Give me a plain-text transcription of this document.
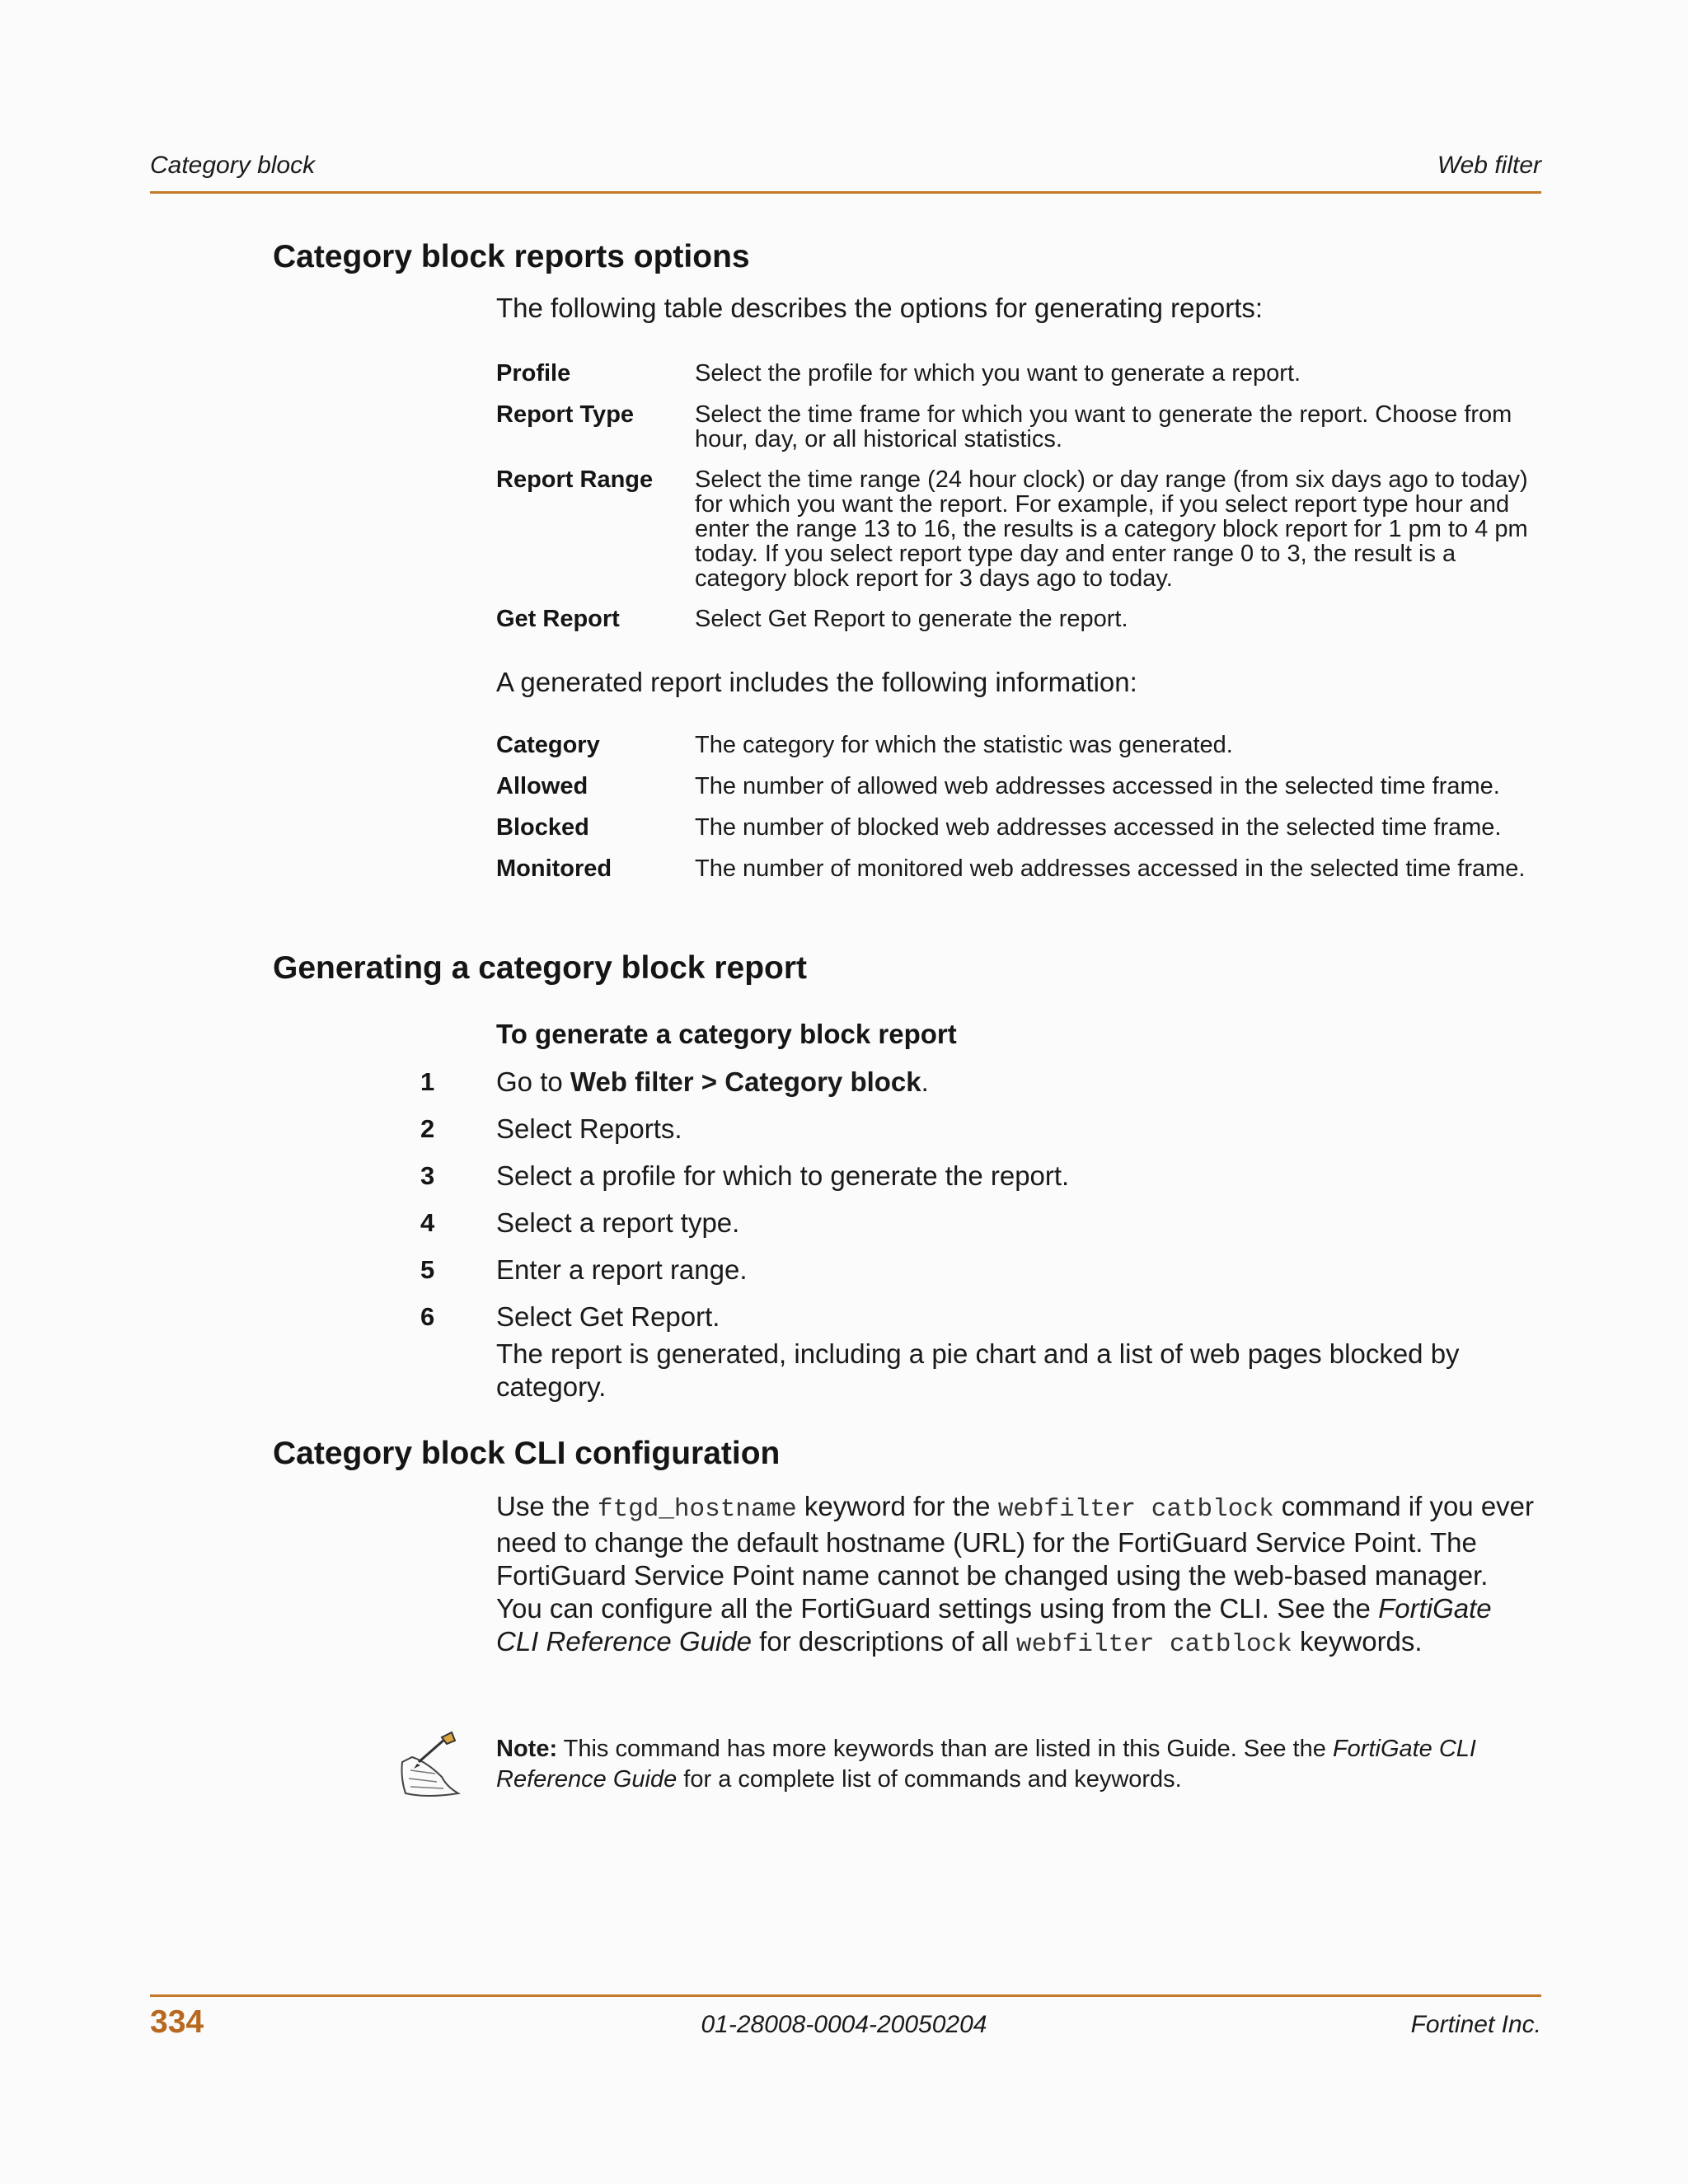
Category block	Web filter
Category block reports options

The following table describes the options for generating reports:

Profile	Select the profile for which you want to generate a report.
Report Type	Select the time frame for which you want to generate the report. Choose from hour, day, or all historical statistics.
Report Range	Select the time range (24 hour clock) or day range (from six days ago to today) for which you want the report. For example, if you select report type hour and enter the range 13 to 16, the results is a category block report for 1 pm to 4 pm today. If you select report type day and enter range 0 to 3, the result is a category block report for 3 days ago to today.
Get Report	Select Get Report to generate the report.

A generated report includes the following information:

Category	The category for which the statistic was generated.
Allowed	The number of allowed web addresses accessed in the selected time frame.
Blocked	The number of blocked web addresses accessed in the selected time frame.
Monitored	The number of monitored web addresses accessed in the selected time frame.
Generating a category block report

To generate a category block report

1	Go to Web filter > Category block.
2	Select Reports.
3	Select a profile for which to generate the report.
4	Select a report type.
5	Enter a report range.
6	Select Get Report.

The report is generated, including a pie chart and a list of web pages blocked by category.

Category block CLI configuration

Use the ftgd_hostname keyword for the webfilter catblock command if you ever need to change the default hostname (URL) for the FortiGuard Service Point. The FortiGuard Service Point name cannot be changed using the web-based manager. You can configure all the FortiGuard settings using from the CLI. See the FortiGate CLI Reference Guide for descriptions of all webfilter catblock keywords.

Note: This command has more keywords than are listed in this Guide. See the FortiGate CLI Reference Guide for a complete list of commands and keywords.

334	01-28008-0004-20050204	Fortinet Inc.
